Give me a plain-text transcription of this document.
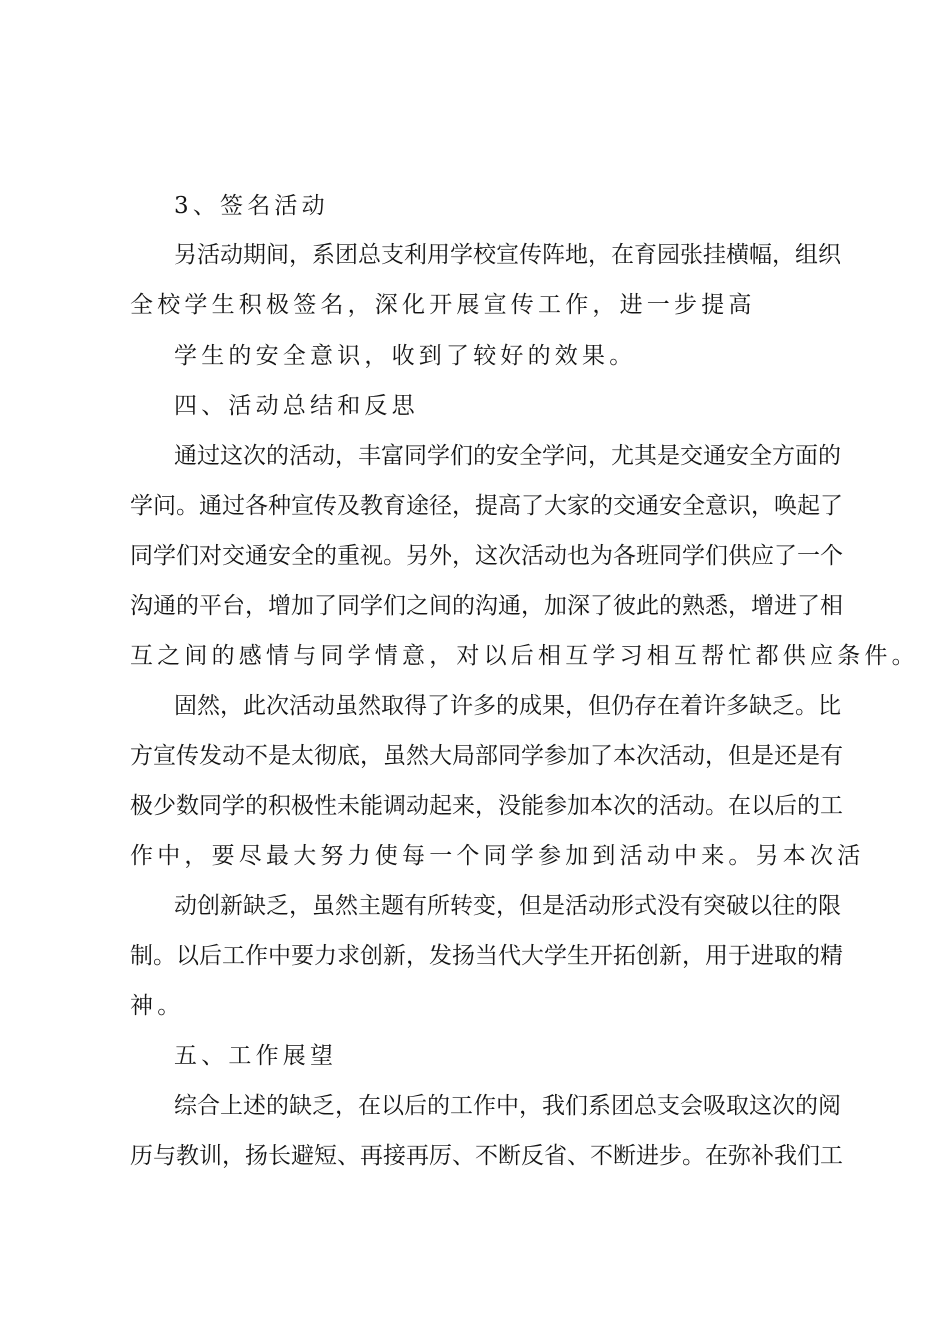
3、签名活动
另活动期间，系团总支利用学校宣传阵地，在育园张挂横幅，组织
全校学生积极签名，深化开展宣传工作，进一步提高
学生的安全意识，收到了较好的效果。
四、活动总结和反思
通过这次的活动，丰富同学们的安全学问，尤其是交通安全方面的
学问。通过各种宣传及教育途径，提高了大家的交通安全意识，唤起了
同学们对交通安全的重视。另外，这次活动也为各班同学们供应了一个
沟通的平台，增加了同学们之间的沟通，加深了彼此的熟悉，增进了相
互之间的感情与同学情意，对以后相互学习相互帮忙都供应条件。
固然，此次活动虽然取得了许多的成果，但仍存在着许多缺乏。比
方宣传发动不是太彻底，虽然大局部同学参加了本次活动，但是还是有
极少数同学的积极性未能调动起来，没能参加本次的活动。在以后的工
作中，要尽最大努力使每一个同学参加到活动中来。另本次活
动创新缺乏，虽然主题有所转变，但是活动形式没有突破以往的限
制。以后工作中要力求创新，发扬当代大学生开拓创新，用于进取的精
神。
五、工作展望
综合上述的缺乏，在以后的工作中，我们系团总支会吸取这次的阅
历与教训，扬长避短、再接再厉、不断反省、不断进步。在弥补我们工
